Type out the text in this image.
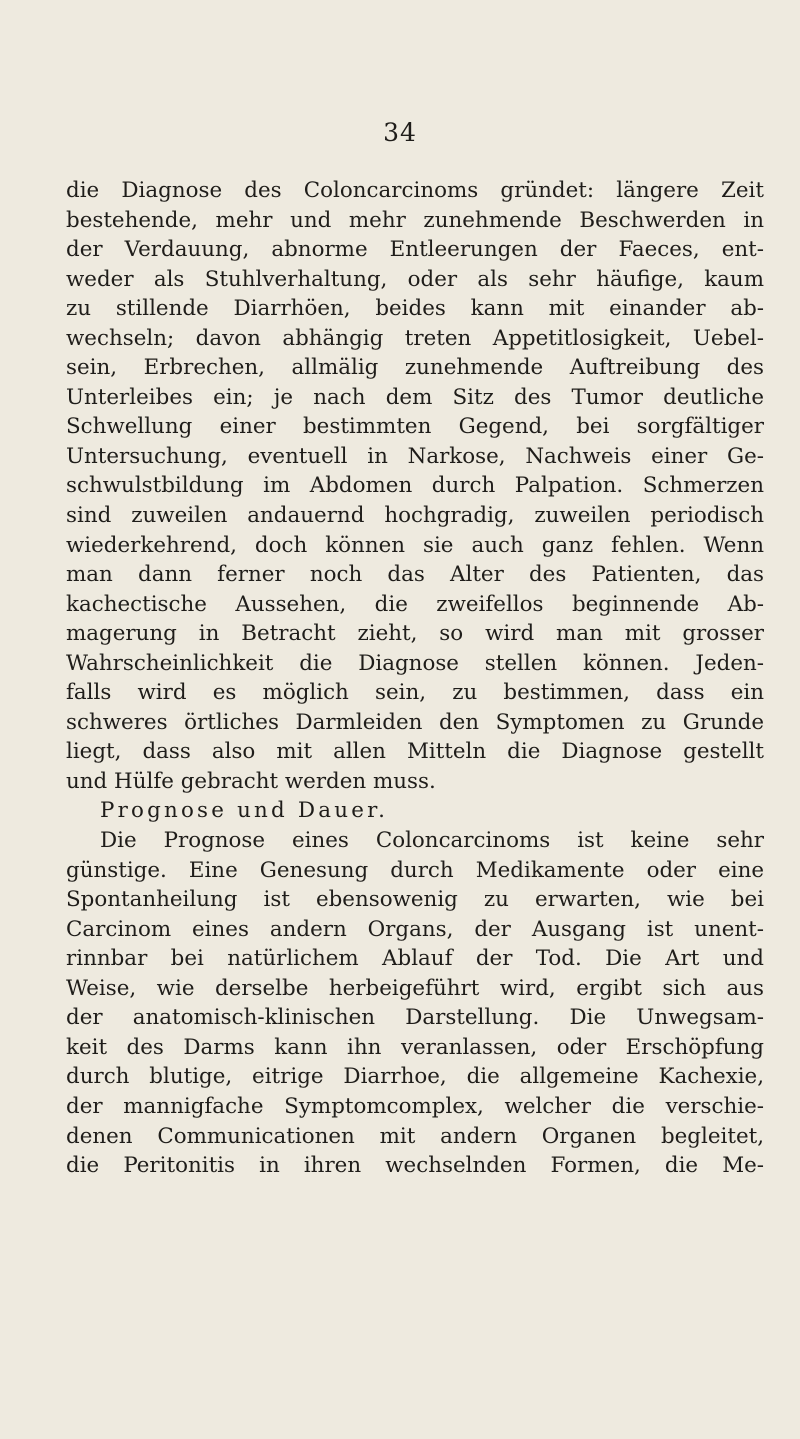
34
die Diagnose des Coloncarcinoms gründet: längere Zeit
bestehende, mehr und mehr zunehmende Beschwerden in
der Verdauung, abnorme Entleerungen der Faeces, ent-
weder als Stuhlverhaltung, oder als sehr häufige, kaum
zu stillende Diarrhöen, beides kann mit einander ab-
wechseln; davon abhängig treten Appetitlosigkeit, Uebel-
sein, Erbrechen, allmälig zunehmende Auftreibung des
Unterleibes ein; je nach dem Sitz des Tumor deutliche
Schwellung einer bestimmten Gegend, bei sorgfältiger
Untersuchung, eventuell in Narkose, Nachweis einer Ge-
schwulstbildung im Abdomen durch Palpation. Schmerzen
sind zuweilen andauernd hochgradig, zuweilen periodisch
wiederkehrend, doch können sie auch ganz fehlen. Wenn
man dann ferner noch das Alter des Patienten, das
kachectische Aussehen, die zweifellos beginnende Ab-
magerung in Betracht zieht, so wird man mit grosser
Wahrscheinlichkeit die Diagnose stellen können. Jeden-
falls wird es möglich sein, zu bestimmen, dass ein
schweres örtliches Darmleiden den Symptomen zu Grunde
liegt, dass also mit allen Mitteln die Diagnose gestellt
und Hülfe gebracht werden muss.
Prognose und Dauer.
Die Prognose eines Coloncarcinoms ist keine sehr
günstige. Eine Genesung durch Medikamente oder eine
Spontanheilung ist ebensowenig zu erwarten, wie bei
Carcinom eines andern Organs, der Ausgang ist unent-
rinnbar bei natürlichem Ablauf der Tod. Die Art und
Weise, wie derselbe herbeigeführt wird, ergibt sich aus
der anatomisch-klinischen Darstellung. Die Unwegsam-
keit des Darms kann ihn veranlassen, oder Erschöpfung
durch blutige, eitrige Diarrhoe, die allgemeine Kachexie,
der mannigfache Symptomcomplex, welcher die verschie-
denen Communicationen mit andern Organen begleitet,
die Peritonitis in ihren wechselnden Formen, die Me-
